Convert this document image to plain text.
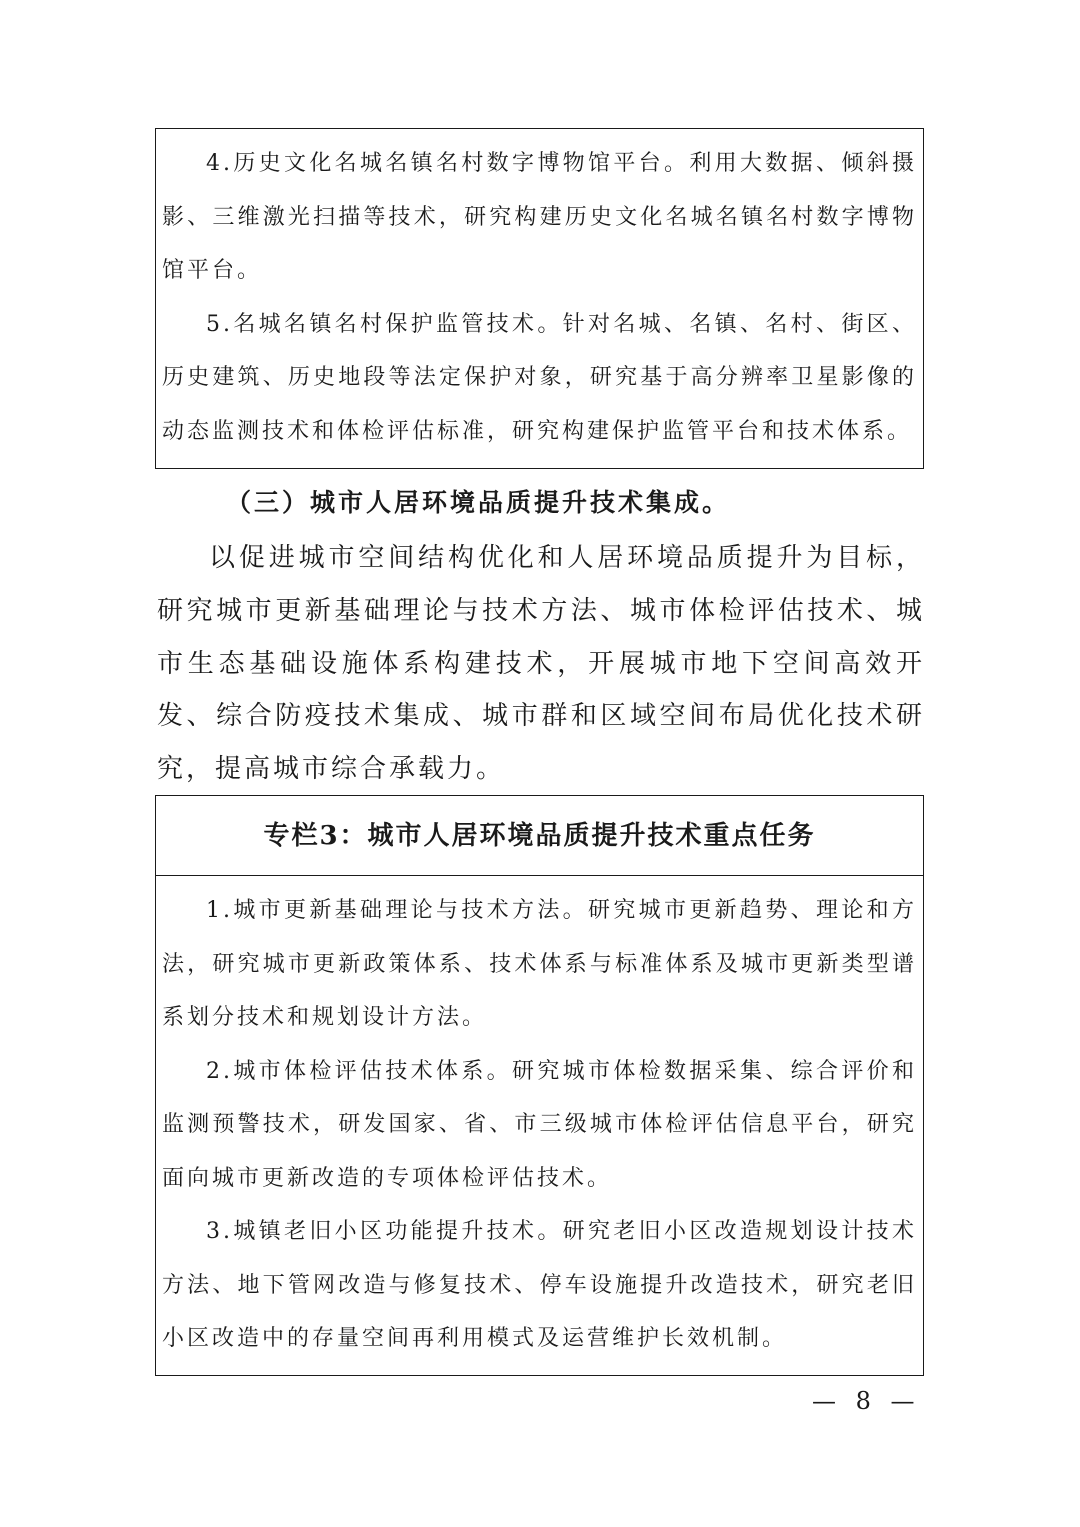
4.历史文化名城名镇名村数字博物馆平台。利用大数据、倾斜摄影、三维激光扫描等技术，研究构建历史文化名城名镇名村数字博物馆平台。

5.名城名镇名村保护监管技术。针对名城、名镇、名村、街区、历史建筑、历史地段等法定保护对象，研究基于高分辨率卫星影像的动态监测技术和体检评估标准，研究构建保护监管平台和技术体系。

（三）城市人居环境品质提升技术集成。

以促进城市空间结构优化和人居环境品质提升为目标，研究城市更新基础理论与技术方法、城市体检评估技术、城市生态基础设施体系构建技术，开展城市地下空间高效开发、综合防疫技术集成、城市群和区域空间布局优化技术研究，提高城市综合承载力。

专栏3：城市人居环境品质提升技术重点任务

1.城市更新基础理论与技术方法。研究城市更新趋势、理论和方法，研究城市更新政策体系、技术体系与标准体系及城市更新类型谱系划分技术和规划设计方法。

2.城市体检评估技术体系。研究城市体检数据采集、综合评价和监测预警技术，研发国家、省、市三级城市体检评估信息平台，研究面向城市更新改造的专项体检评估技术。

3.城镇老旧小区功能提升技术。研究老旧小区改造规划设计技术方法、地下管网改造与修复技术、停车设施提升改造技术，研究老旧小区改造中的存量空间再利用模式及运营维护长效机制。

— 8 —
